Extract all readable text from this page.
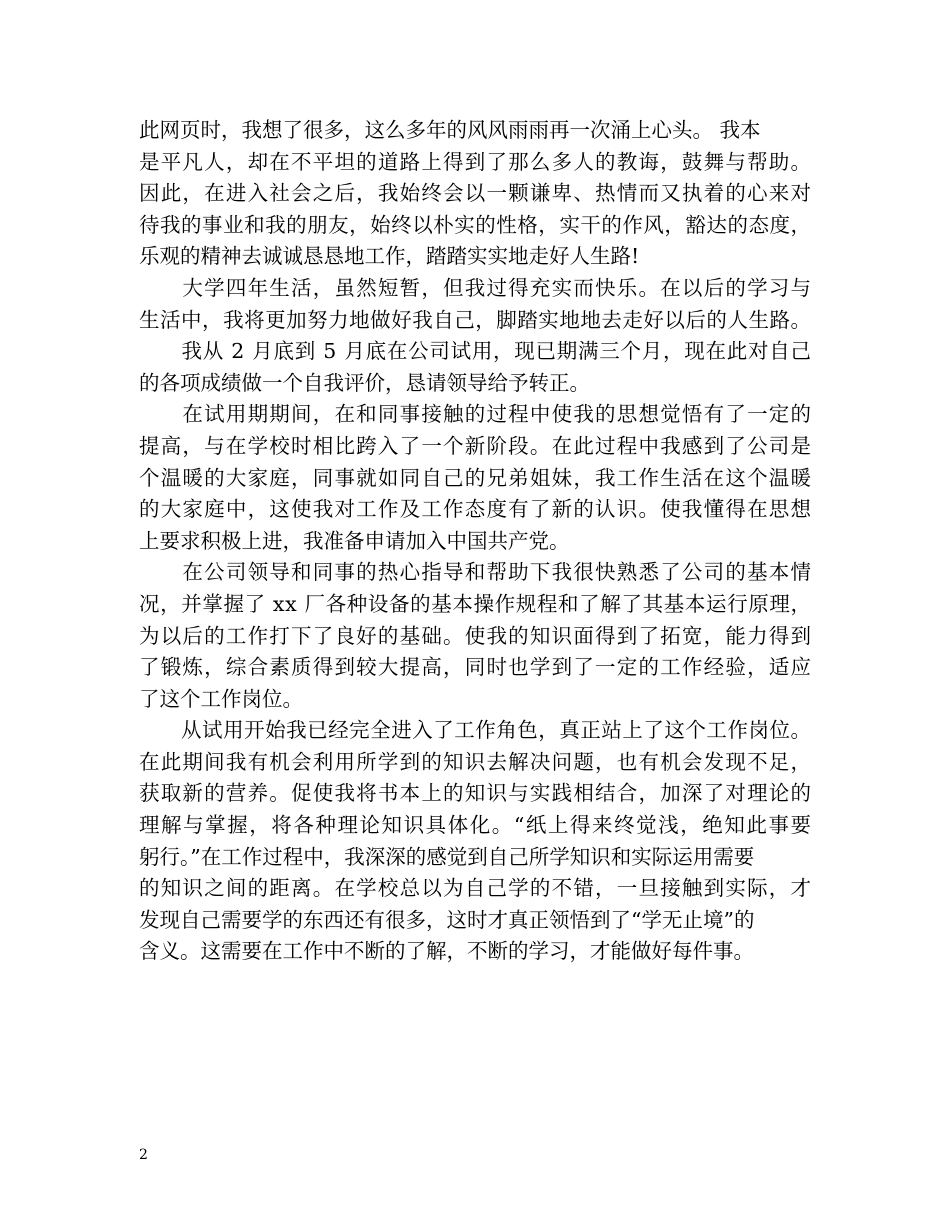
此网页时，我想了很多，这么多年的风风雨雨再一次涌上心头。 我本
是平凡人，却在不平坦的道路上得到了那么多人的教诲，鼓舞与帮助。
因此，在进入社会之后，我始终会以一颗谦卑、热情而又执着的心来对
待我的事业和我的朋友，始终以朴实的性格，实干的作风，豁达的态度，
乐观的精神去诚诚恳恳地工作，踏踏实实地走好人生路!
　　大学四年生活，虽然短暂，但我过得充实而快乐。在以后的学习与
生活中，我将更加努力地做好我自己，脚踏实地地去走好以后的人生路。
　　我从 2 月底到 5 月底在公司试用，现已期满三个月，现在此对自己
的各项成绩做一个自我评价，恳请领导给予转正。
　　在试用期期间，在和同事接触的过程中使我的思想觉悟有了一定的
提高，与在学校时相比跨入了一个新阶段。在此过程中我感到了公司是
个温暖的大家庭，同事就如同自己的兄弟姐妹，我工作生活在这个温暖
的大家庭中，这使我对工作及工作态度有了新的认识。使我懂得在思想
上要求积极上进，我准备申请加入中国共产党。
　　在公司领导和同事的热心指导和帮助下我很快熟悉了公司的基本情
况，并掌握了 xx 厂各种设备的基本操作规程和了解了其基本运行原理，
为以后的工作打下了良好的基础。使我的知识面得到了拓宽，能力得到
了锻炼，综合素质得到较大提高，同时也学到了一定的工作经验，适应
了这个工作岗位。
　　从试用开始我已经完全进入了工作角色，真正站上了这个工作岗位。
在此期间我有机会利用所学到的知识去解决问题，也有机会发现不足，
获取新的营养。促使我将书本上的知识与实践相结合，加深了对理论的
理解与掌握，将各种理论知识具体化。“纸上得来终觉浅，绝知此事要
躬行。”在工作过程中，我深深的感觉到自己所学知识和实际运用需要
的知识之间的距离。在学校总以为自己学的不错，一旦接触到实际，才
发现自己需要学的东西还有很多，这时才真正领悟到了“学无止境”的
含义。这需要在工作中不断的了解，不断的学习，才能做好每件事。
2
